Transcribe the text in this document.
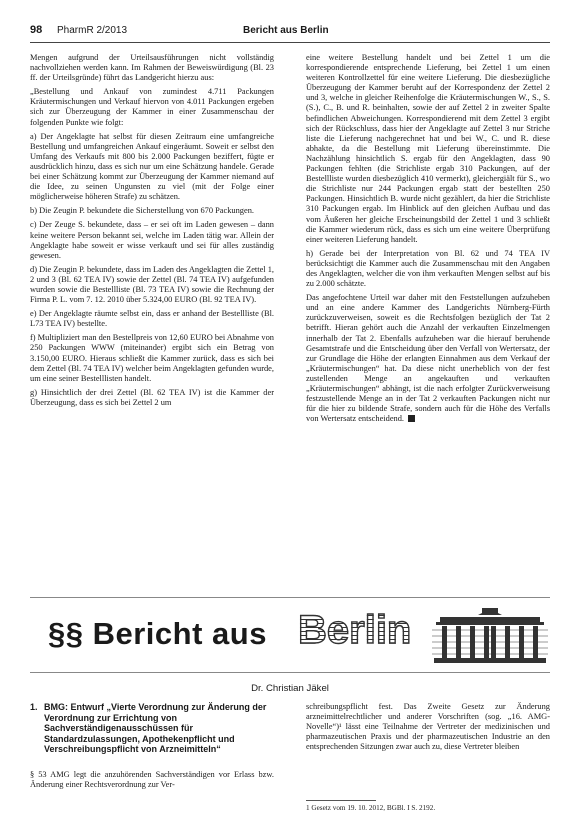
98 PharmR 2/2013	Bericht aus Berlin

Mengen aufgrund der Urteilsausführungen nicht vollständig nachvollziehen werden kann. Im Rahmen der Beweiswürdigung (Bl. 23 ff. der Urteilsgründe) führt das Landgericht hierzu aus:

„Bestellung und Ankauf von zumindest 4.711 Packungen Kräutermischungen und Verkauf hiervon von 4.011 Packungen ergeben sich zur Überzeugung der Kammer in einer Zusammenschau der folgenden Punkte wie folgt:

a) Der Angeklagte hat selbst für diesen Zeitraum eine umfangreiche Bestellung und umfangreichen Ankauf eingeräumt. Soweit er selbst den Umfang des Verkaufs mit 800 bis 2.000 Packungen beziffert, fügte er ausdrücklich hinzu, dass es sich nur um eine Schätzung handele. Gerade bei einer Schätzung kommt zur Überzeugung der Kammer niemand auf die Idee, zu seinen Ungunsten zu viel (mit der Folge einer möglicherweise höheren Strafe) zu schätzen.

b) Die Zeugin P. bekundete die Sicherstellung von 670 Packungen.

c) Der Zeuge S. bekundete, dass – er sei oft im Laden gewesen – dann keine weitere Person bekannt sei, welche im Laden tätig war. Allein der Angeklagte habe soweit er wisse verkauft und sei für alles zuständig gewesen.

d) Die Zeugin P. bekundete, dass im Laden des Angeklagten die Zettel 1, 2 und 3 (Bl. 62 TEA IV) sowie der Zettel (Bl. 74 TEA IV) aufgefunden wurden sowie die Bestellliste (Bl. 73 TEA IV) sowie die Rechnung der Firma P. L. vom 7. 12. 2010 über 5.324,00 EURO (Bl. 92 TEA IV).

e) Der Angeklagte räumte selbst ein, dass er anhand der Bestellliste (Bl. L73 TEA IV) bestellte.

f) Multipliziert man den Bestellpreis von 12,60 EURO bei Abnahme von 250 Packungen WWW (miteinander) ergibt sich ein Betrag von 3.150,00 EURO. Hieraus schließt die Kammer zurück, dass es sich bei dem Zettel (Bl. 74 TEA IV) welcher beim Angeklagten gefunden wurde, um eine seiner Bestelllisten handelt.

g) Hinsichtlich der drei Zettel (Bl. 62 TEA IV) ist die Kammer der Überzeugung, dass es sich bei Zettel 2 um

eine weitere Bestellung handelt und bei Zettel 1 um die korrespondierende entsprechende Lieferung, bei Zettel 1 um einen weiteren Kontrollzettel für eine weitere Lieferung. Die diesbezügliche Überzeugung der Kammer beruht auf der Korrespondenz der Zettel 2 und 3, welche in gleicher Reihenfolge die Kräutermischungen W., S., S. (S.), C., B. und R. beinhalten, sowie der auf Zettel 2 in zweiter Spalte befindlichen Abweichungen. Korrespondierend mit dem Zettel 3 ergibt sich der Rückschluss, dass hier der Angeklagte auf Zettel 3 nur Striche liste die Lieferung nachgerechnet hat und bei W., C. und R. diese abhakte, da die Bestellung mit Lieferung übereinstimmte. Die Nachzählung hinsichtlich S. ergab für den Angeklagten, dass 90 Packungen fehlten (die Strichliste ergab 310 Packungen, auf der Bestellliste wurden diesbezüglich 410 vermerkt), gleichergiält für S., wo die Strichliste nur 244 Packungen ergab statt der bestellten 250 Packungen. Hinsichtlich B. wurde nicht gezählert, da hier die Strichliste 310 Packungen ergab. Im Hinblick auf den gleichen Aufbau und das vom Äußeren her gleiche Erscheinungsbild der Zettel 1 und 3 schließt die Kammer wiederum rück, dass es sich um eine weitere Überprüfung einer weiteren Lieferung handelt.

h) Gerade bei der Interpretation von Bl. 62 und 74 TEA IV berücksichtigt die Kammer auch die Zusammenschau mit den Angaben des Angeklagten, welcher die von ihm verkauften Mengen selbst auf bis zu 2.000 schätzte.

Das angefochtene Urteil war daher mit den Feststellungen aufzuheben und an eine andere Kammer des Landgerichts Nürnberg-Fürth zurückzuverweisen, soweit es die Rechtsfolgen bezüglich der Tat 2 betrifft. Hieran gehört auch die Anzahl der verkauften Einzelmengen innerhalb der Tat 2. Ebenfalls aufzuheben war die hierauf beruhende Gesamtstrafe und die Entscheidung über den Verfall von Wertersatz, der zur Grundlage die Höhe der erlangten Einnahmen aus dem Verkauf der „Kräutermischungen“ hat. Da diese nicht unerheblich von der fest zustellenden Menge an angekauften und verkauften „Kräutermischungen“ abhängt, ist die nach erfolgter Zurückverweisung festzustellende Menge an in der Tat 2 verkauften Packungen nicht nur für die hier zu bildende Strafe, sondern auch für die Höhe des Verfalls von Wertersatz entscheidend.

§§ Bericht aus Berlin
Dr. Christian Jäkel
1. BMG: Entwurf „Vierte Verordnung zur Änderung der Verordnung zur Errichtung von Sachverständigenausschüssen für Standardzulassungen, Apothekenpflicht und Verschreibungspflicht von Arzneimitteln“
§ 53 AMG legt die anzuhörenden Sachverständigen vor Erlass bzw. Änderung einer Rechtsverordnung zur Ver-
schreibungspflicht fest. Das Zweite Gesetz zur Änderung arzneimittelrechtlicher und anderer Vorschriften (sog. „16. AMG-Novelle“)¹ lässt eine Teilnahme der Vertreter der medizinischen und pharmazeutischen Praxis und der pharmazeutischen Industrie an den entsprechenden Sitzungen zwar auch zu, diese Vertreter bleiben
1 Gesetz vom 19. 10. 2012, BGBl. I S. 2192.
